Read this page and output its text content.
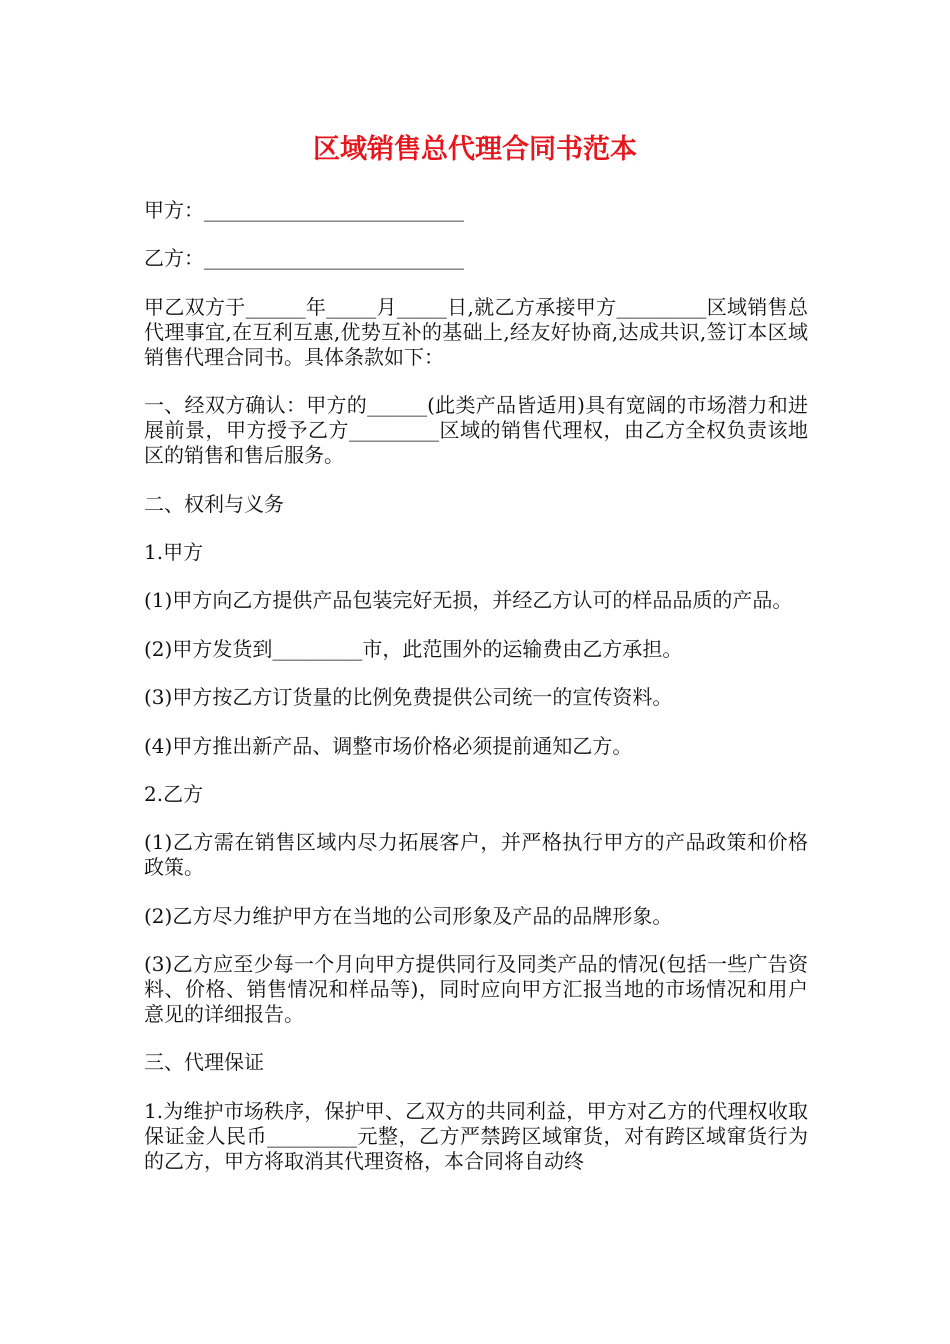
区域销售总代理合同书范本

甲方：__________________________

乙方：__________________________

甲乙双方于______年_____月_____日,就乙方承接甲方_________区域销售总代理事宜,在互利互惠,优势互补的基础上,经友好协商,达成共识,签订本区域销售代理合同书。具体条款如下：

一、经双方确认：甲方的______(此类产品皆适用)具有宽阔的市场潜力和进展前景，甲方授予乙方_________区域的销售代理权，由乙方全权负责该地区的销售和售后服务。

二、权利与义务

1.甲方

(1)甲方向乙方提供产品包装完好无损，并经乙方认可的样品品质的产品。

(2)甲方发货到_________市，此范围外的运输费由乙方承担。

(3)甲方按乙方订货量的比例免费提供公司统一的宣传资料。

(4)甲方推出新产品、调整市场价格必须提前通知乙方。

2.乙方

(1)乙方需在销售区域内尽力拓展客户，并严格执行甲方的产品政策和价格政策。

(2)乙方尽力维护甲方在当地的公司形象及产品的品牌形象。

(3)乙方应至少每一个月向甲方提供同行及同类产品的情况(包括一些广告资料、价格、销售情况和样品等)，同时应向甲方汇报当地的市场情况和用户意见的详细报告。

三、代理保证

1.为维护市场秩序，保护甲、乙双方的共同利益，甲方对乙方的代理权收取保证金人民币_________元整，乙方严禁跨区域窜货，对有跨区域窜货行为的乙方，甲方将取消其代理资格，本合同将自动终
